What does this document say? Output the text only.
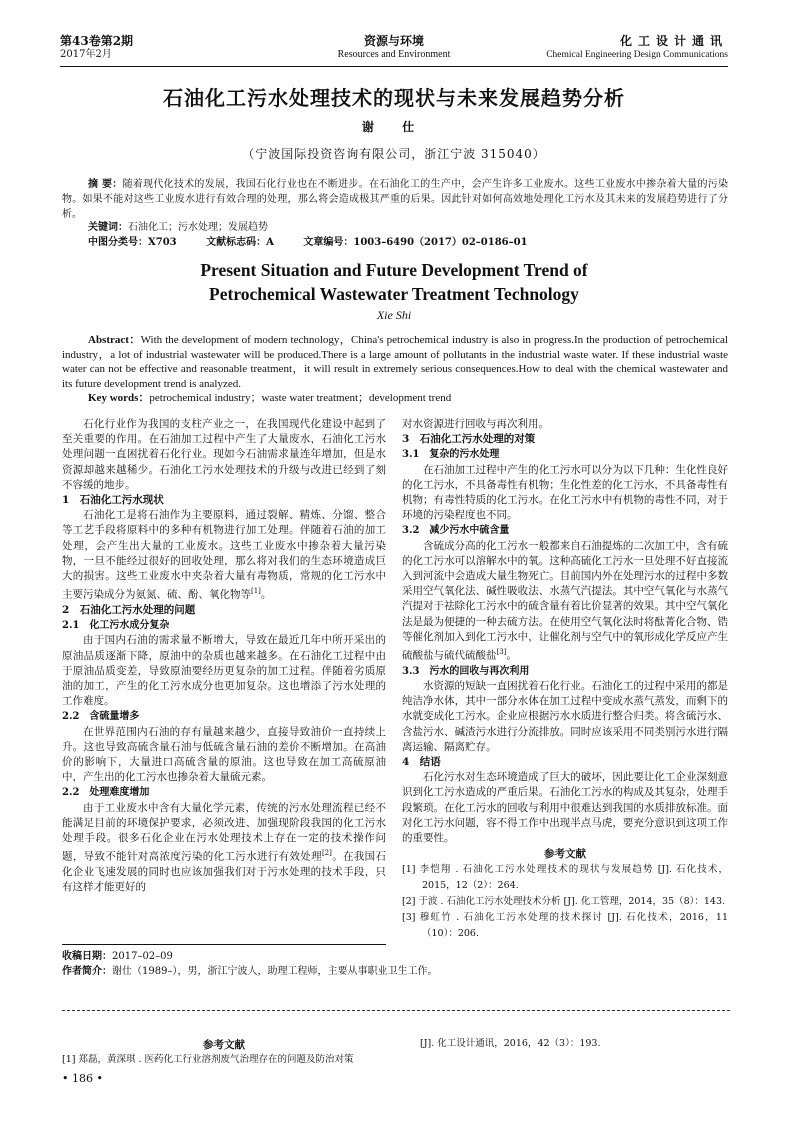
第43卷第2期
2017年2月
资源与环境
Resources and Environment
化工设计通讯
Chemical Engineering Design Communications
石油化工污水处理技术的现状与未来发展趋势分析
谢 仕
（宁波国际投资咨询有限公司，浙江宁波 315040）
摘 要：随着现代化技术的发展，我国石化行业也在不断进步。在石油化工的生产中，会产生许多工业废水。这些工业废水中掺杂着大量的污染物。如果不能对这些工业废水进行有效合理的处理，那么将会造成极其严重的后果。因此针对如何高效地处理化工污水及其未来的发展趋势进行了分析。
关键词：石油化工；污水处理；发展趋势
中图分类号：X703	文献标志码：A	文章编号：1003–6490（2017）02–0186–01
Present Situation and Future Development Trend of
Petrochemical Wastewater Treatment Technology
Xie Shi
Abstract：With the development of modern technology，China's petrochemical industry is also in progress.In the production of petrochemical industry，a lot of industrial wastewater will be produced.There is a large amount of pollutants in the industrial waste water. If these industrial waste water can not be effective and reasonable treatment，it will result in extremely serious consequences.How to deal with the chemical wastewater and its future development trend is analyzed.
Key words：petrochemical industry；waste water treatment；development trend

石化行业作为我国的支柱产业之一，在我国现代化建设中起到了至关重要的作用。在石油加工过程中产生了大量废水，石油化工污水处理问题一直困扰着石化行业。现如今石油需求量连年增加，但是水资源却越来越稀少。石油化工污水处理技术的升级与改进已经到了刻不容缓的地步。

1　石油化工污水现状

石油化工是将石油作为主要原料，通过裂解、精炼、分馏、整合等工艺手段将原料中的多种有机物进行加工处理。伴随着石油的加工处理，会产生出大量的工业废水。这些工业废水中掺杂着大量污染物，一旦不能经过很好的回收处理，那么将对我们的生态环境造成巨大的损害。这些工业废水中夹杂着大量有毒物质，常规的化工污水中主要污染成分为氨氮、硫、酚、氧化物等[1]。

2　石油化工污水处理的问题
2.1　化工污水成分复杂

由于国内石油的需求量不断增大，导致在最近几年中所开采出的原油品质逐渐下降，原油中的杂质也越来越多。在石油化工过程中由于原油品质变差，导致原油要经历更复杂的加工过程。伴随着劣质原油的加工，产生的化工污水成分也更加复杂。这也增添了污水处理的工作难度。

2.2　含硫量增多

在世界范围内石油的存有量越来越少，直接导致油价一直持续上升。这也导致高硫含量石油与低硫含量石油的差价不断增加。在高油价的影响下，大量进口高硫含量的原油。这也导致在加工高硫原油中，产生出的化工污水也掺杂着大量硫元素。

2.2　处理难度增加

由于工业废水中含有大量化学元素，传统的污水处理流程已经不能满足目前的环境保护要求，必须改进、加强现阶段我国的化工污水处理手段。很多石化企业在污水处理技术上存在一定的技术操作问题，导致不能针对高浓度污染的化工污水进行有效处理[2]。在我国石化企业飞速发展的同时也应该加强我们对于污水处理的技术手段，只有这样才能更好的

收稿日期：2017–02–09
作者简介：谢仕（1989–），男，浙江宁波人，助理工程师，主要从事职业卫生工作。

对水资源进行回收与再次利用。

3　石油化工污水处理的对策
3.1　复杂的污水处理

在石油加工过程中产生的化工污水可以分为以下几种：生化性良好的化工污水，不具备毒性有机物；生化性差的化工污水，不具备毒性有机物；有毒性特质的化工污水。在化工污水中有机物的毒性不同，对于环境的污染程度也不同。

3.2　减少污水中硫含量

含硫成分高的化工污水一般都来自石油提炼的二次加工中，含有硫的化工污水可以溶解水中的氧。这种高硫化工污水一旦处理不好直接流入到河流中会造成大量生物死亡。目前国内外在处理污水的过程中多数采用空气氧化法、碱性吸收法、水蒸气汽提法。其中空气氧化与水蒸气汽提对于祛除化工污水中的硫含量有着比价显著的效果。其中空气氧化法是最为便捷的一种去硫方法。在使用空气氧化法时将酞菁化合物、锆等催化剂加入到化工污水中，让催化剂与空气中的氧形成化学反应产生硫酸盐与硫代硫酸盐[3]。

3.3　污水的回收与再次利用

水资源的短缺一直困扰着石化行业。石油化工的过程中采用的都是纯洁净水体，其中一部分水体在加工过程中变成水蒸气蒸发，而剩下的水就变成化工污水。企业应根据污水水质进行整合归类。将含硫污水、含盐污水、碱渣污水进行分流排放。同时应该采用不同类别污水进行隔离运输、隔离贮存。

4　结语

石化污水对生态环境造成了巨大的破坏，因此要让化工企业深刻意识到化工污水造成的严重后果。石油化工污水的构成及其复杂，处理手段繁琐。在化工污水的回收与利用中很难达到我国的水质排放标准。面对化工污水问题，容不得工作中出现半点马虎，要充分意识到这项工作的重要性。

参考文献

[1] 李恺翔 . 石油化工污水处理技术的现状与发展趋势 [J]. 石化技术，2015，12（2）：264.

[2] 于波 . 石油化工污水处理技术分析 [J]. 化工管理，2014，35（8）：143.

[3] 穆虹竹 . 石油化工污水处理的技术探讨 [J]. 石化技术，2016，11（10）：206.

参考文献
[1] 郑磊，黄深琪 . 医药化工行业溶剂废气治理存在的问题及防治对策
[J]. 化工设计通讯，2016，42（3）：193.
• 186 •
